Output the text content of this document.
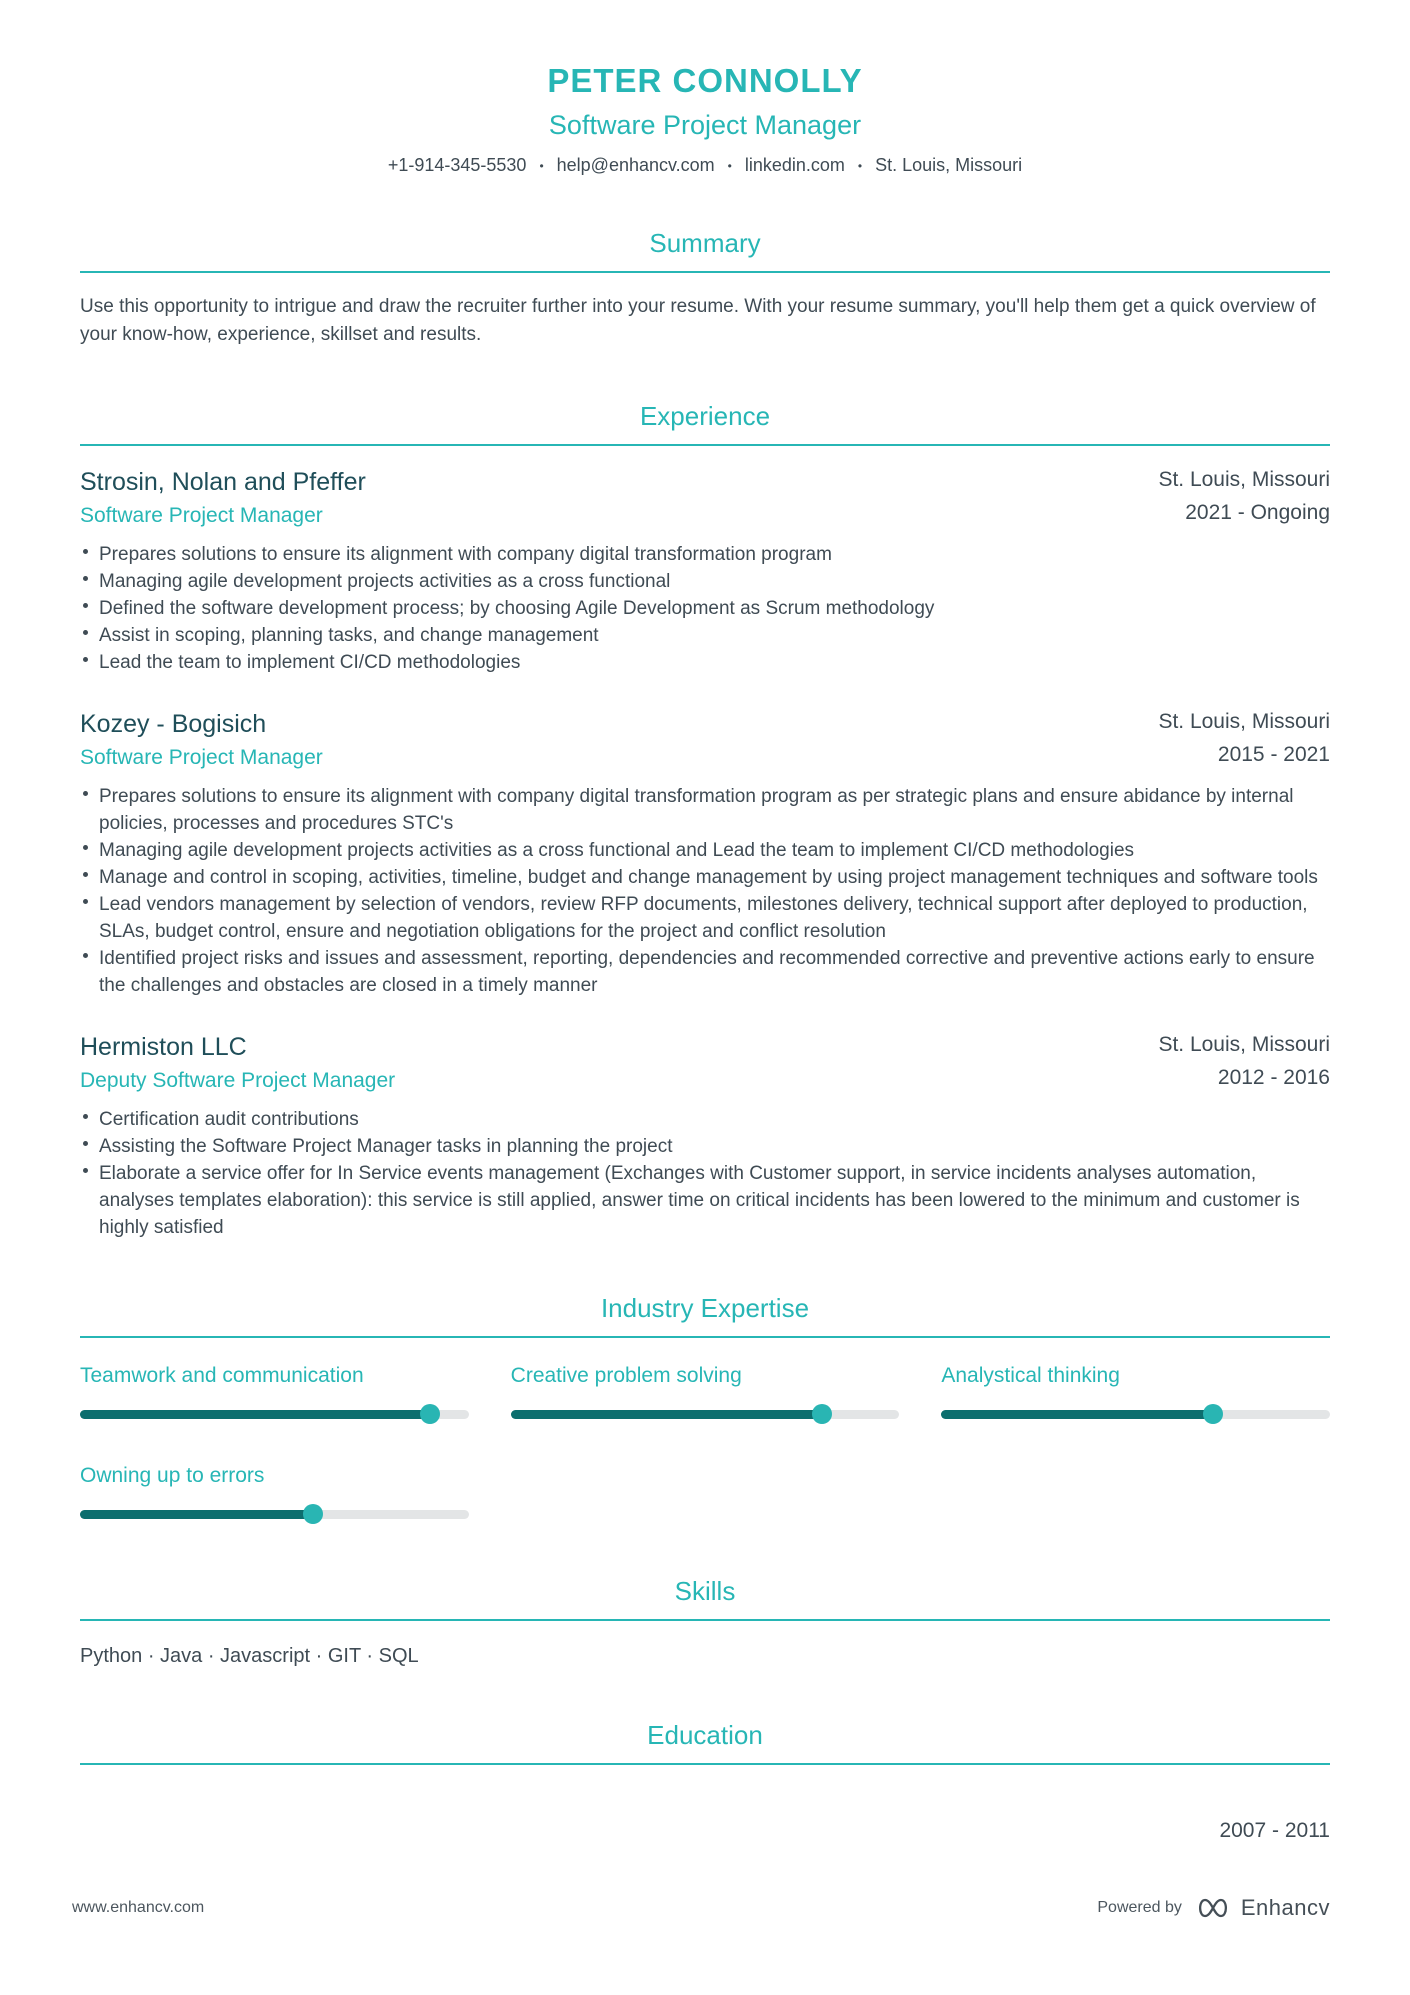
PETER CONNOLLY
Software Project Manager
+1-914-345-5530 • help@enhancv.com • linkedin.com • St. Louis, Missouri
Summary

Use this opportunity to intrigue and draw the recruiter further into your resume. With your resume summary, you'll help them get a quick overview of your know-how, experience, skillset and results.

Experience
Strosin, Nolan and Pfeffer
Software Project Manager
St. Louis, Missouri
2021 - Ongoing
Prepares solutions to ensure its alignment with company digital transformation program
Managing agile development projects activities as a cross functional
Defined the software development process; by choosing Agile Development as Scrum methodology
Assist in scoping, planning tasks, and change management
Lead the team to implement CI/CD methodologies
Kozey - Bogisich
Software Project Manager
St. Louis, Missouri
2015 - 2021
Prepares solutions to ensure its alignment with company digital transformation program as per strategic plans and ensure abidance by internal policies, processes and procedures STC's
Managing agile development projects activities as a cross functional and Lead the team to implement CI/CD methodologies
Manage and control in scoping, activities, timeline, budget and change management by using project management techniques and software tools
Lead vendors management by selection of vendors, review RFP documents, milestones delivery, technical support after deployed to production, SLAs, budget control, ensure and negotiation obligations for the project and conflict resolution
Identified project risks and issues and assessment, reporting, dependencies and recommended corrective and preventive actions early to ensure the challenges and obstacles are closed in a timely manner
Hermiston LLC
Deputy Software Project Manager
St. Louis, Missouri
2012 - 2016
Certification audit contributions
Assisting the Software Project Manager tasks in planning the project
Elaborate a service offer for In Service events management (Exchanges with Customer support, in service incidents analyses automation, analyses templates elaboration): this service is still applied, answer time on critical incidents has been lowered to the minimum and customer is highly satisfied
Industry Expertise
Teamwork and communication	Creative problem solving	Analystical thinking
Owning up to errors
Skills
Python · Java · Javascript · GIT · SQL
Education
2007 - 2011
www.enhancv.com	Powered by	Enhancv
